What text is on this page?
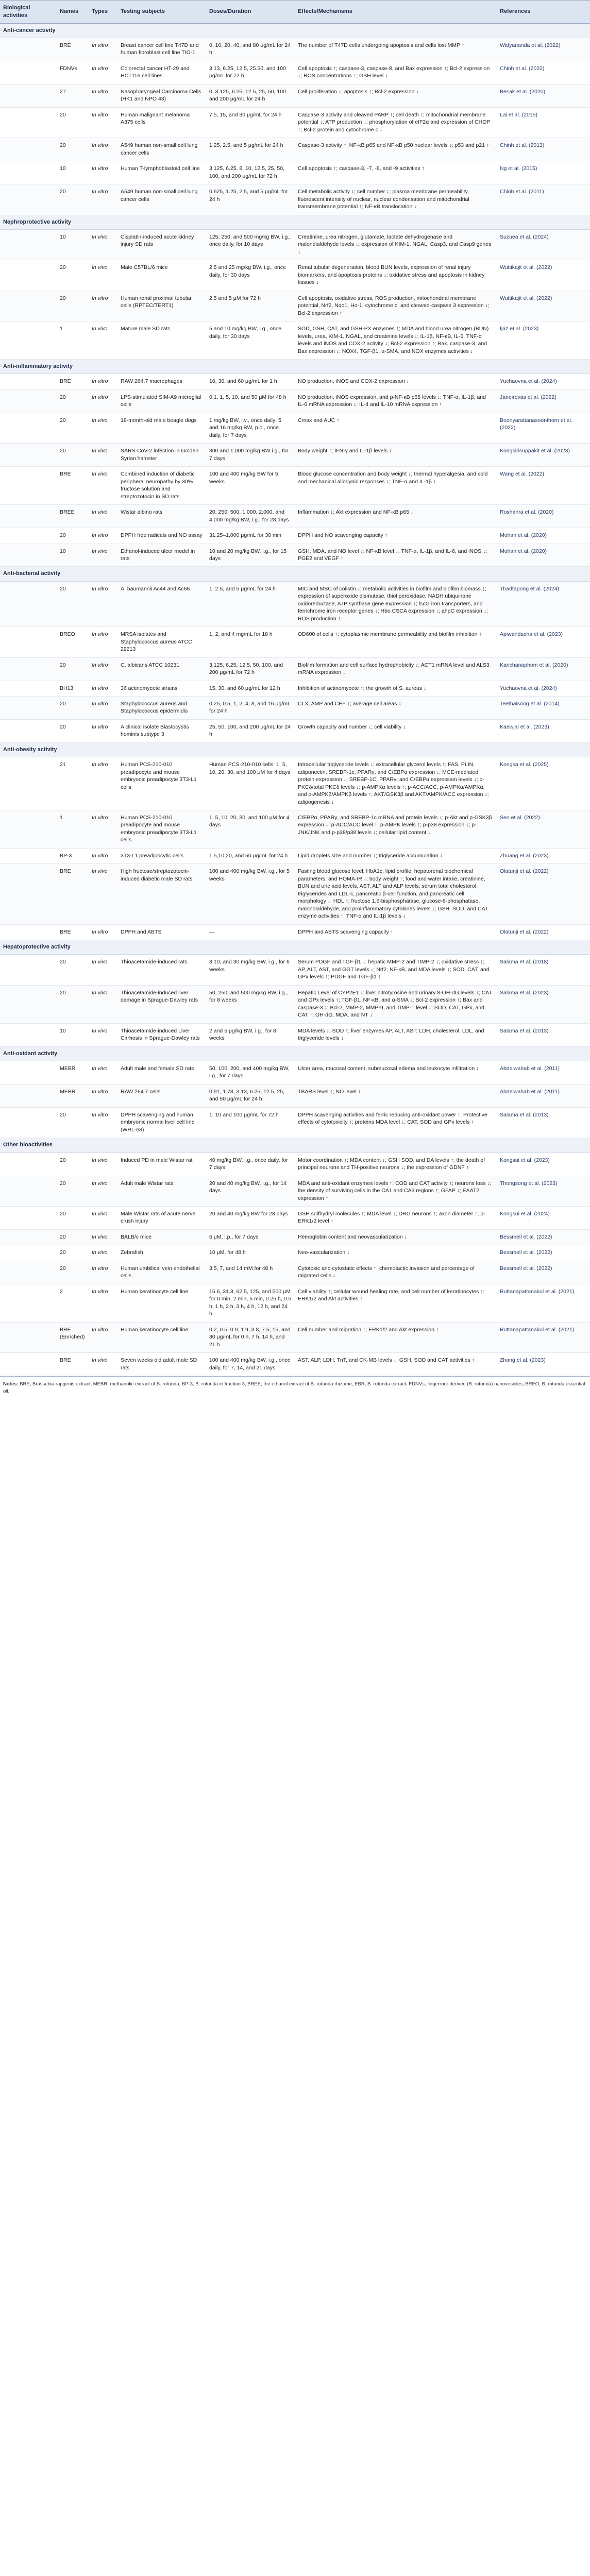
Biological activities	Names	Types	Testing subjects	Doses/Duration	Effects/Mechanisms	References
Anti-cancer activity						
	BRE	In vitro	Breast cancer cell line T47D and human fibroblast cell line TIG-1	0, 10, 20, 40, and 80 μg/mL for 24 h	The number of T47D cells undergoing apoptosis and cells lost MMP ↑	Widyananda et al. (2022)
	FDNVs	In vitro	Colorectal cancer HT-29 and HCT116 cell lines	3.13, 6.25, 12.5, 25.50, and 100 μg/mL for 72 h	Cell apoptosis ↑; caspase-3, caspase-8, and Bax expression ↑; Bcl-2 expression ↓; ROS concentrations ↑; GSH level ↓	Chinh et al. (2022)
	27	In vitro	Nasopharyngeal Carcinoma Cells (HK1 and NPO 43)	0, 3.125, 6.25, 12.5, 25, 50, 100 and 200 μg/mL for 24 h	Cell proliferation ↓; apoptosis ↑; Bcl-2 expression ↓	Besak et al. (2020)
	20	In vitro	Human malignant melanoma A375 cells	7.5, 15, and 30 μg/mL for 24 h	Caspase-3 activity and cleaved PARP ↑; cell death ↑; mitochondrial membrane potential ↓; ATP production ↓; phosphorylation of eIF2α and expression of CHOP ↑; Bcl-2 protein and cytochrome c ↓	Lai et al. (2015)
	20	In vitro	A549 human non-small cell lung cancer cells	1.25, 2.5, and 5 μg/mL for 24 h	Caspase-3 activity ↑; NF-κB p65 and NF-κB p50 nuclear levels ↓; p53 and p21 ↑	Chinh et al. (2013)
	10	In vitro	Human T-lymphoblastoid cell line	3.125, 6.25, 8, 10, 12.5, 25, 50, 100, and 200 μg/mL for 72 h	Cell apoptosis ↑; caspase-3, -7, -8, and -9 activities ↑	Ng et al. (2015)
	20	In vitro	A549 human non-small cell lung cancer cells	0.625, 1.25, 2.5, and 5 μg/mL for 24 h	Cell metabolic activity ↓; cell number ↓; plasma membrane permeability, fluorescent intensity of nuclear, nuclear condensation and mitochondrial transmembrane potential ↑; NF-κB translocation ↓	Chinh et al. (2011)
Nephroprotective activity						
	10	In vivo	Cisplatin-induced acute kidney injury SD rats	125, 250, and 500 mg/kg BW, i.g., once daily, for 10 days	Creatinine, urea nitrogen, glutamate, lactate dehydrogenase and malondialdehyde levels ↓; expression of KIM-1, NGAL, Casp3, and Casp9 genes ↓	Suzuea et al. (2024)
	20	In vivo	Male C57BL/6 mice	2.5 and 25 mg/kg BW, i.g., once daily, for 30 days	Renal tubular degeneration, blood BUN levels, expression of renal injury biomarkers, and apoptosis proteins ↓; oxidative stress and apoptosis in kidney tissues ↓	Wuttikajit et al. (2022)
	20	In vitro	Human renal proximal tubular cells (RPTEC/TERT1)	2.5 and 5 μM for 72 h	Cell apoptosis, oxidative stress, ROS production, mitochondrial membrane potential, Nrf2, Nqo1, Ho-1, cytochrome c, and cleaved-caspase 3 expression ↓; Bcl-2 expression ↑	Wuttikajit et al. (2022)
	1	In vivo	Mature male SD rats	5 and 10 mg/kg BW, i.g., once daily, for 30 days	SOD, GSH, CAT, and GSH-PX enzymes ↑; MDA and blood urea nitrogen (BUN) levels, urea, KIM-1, NGAL, and creatinine levels ↓; IL-1β, NF-κB, IL-6, TNF-α levels and iNOS and COX-2 activity ↓; Bcl-2 expression ↑; Bax, caspase-3, and Bax expression ↓; NOX4, TGF-β1, α-SMA, and NOX enzymes activities ↓	Ijaz et al. (2023)
Anti-inflammatory activity						
	BRE	In vitro	RAW 264.7 macrophages	10, 30, and 60 μg/mL for 1 h	NO production, iNOS and COX-2 expression ↓	Yuchaovna et al. (2024)
	20	In vitro	LPS-stimulated SIM-A9 microglial cells	0.1, 1, 5, 10, and 50 μM for 48 h	NO production, iNOS expression, and p-NF-κB p65 levels ↓; TNF-α, IL-1β, and IL-6 mRNA expression ↓; IL-4 and IL-10 mRNA expression ↑	Janeirovas et al. (2022)
	20	In vivo	18-month-old male beagle dogs	1 mg/kg BW, i.v., once daily; 5 and 16 mg/kg BW, p.o., once daily, for 7 days	Cmax and AUC ↑	Boonyarattanasoonthorn et al. (2022)
	20	In vivo	SARS-CoV-2 infection in Golden Syrian hamster	300 and 1,000 mg/kg BW i.g., for 7 days	Body weight ↑; IFN-γ and IL-1β levels ↓	Kongsirisuppakit et al. (2023)
	BRE	In vivo	Combined induction of diabetic peripheral neuropathy by 30% fructose solution and streptozotocin in SD rats	100 and 400 mg/kg BW for 5 weeks	Blood glucose concentration and body weight ↓; thermal hyperalgesia, and cold and mechanical allodynic responses ↓; TNF-α and IL-1β ↓	Wang et al. (2022)
	BREE	In vivo	Wistar albino rats	20, 250, 500, 1,000, 2,000, and 4,000 mg/kg BW, i.g., for 28 days	Inflammation ↓; Akt expression and NF-κB p65 ↓	Roshanra et al. (2020)
	20	In vitro	DPPH free radicals and NO assay	31.25–1,000 μg/mL for 30 min	DPPH and NO scavenging capacity ↑	Mohan et al. (2020)
	10	In vivo	Ethanol-induced ulcer model in rats	10 and 20 mg/kg BW, i.g., for 15 days	GSH, MDA, and NO level ↓; NF-κB level ↓; TNF-α, IL-1β, and IL-6, and iNOS ↓; PGE2 and VEGF ↑	Mohan et al. (2020)
Anti-bacterial activity						
	20	In vitro	A. baumannii Ac44 and Ac66	1, 2.5, and 5 μg/mL for 24 h	MIC and MBC of colistin ↓; metabolic activities in biofilm and biofilm biomass ↓; expression of superoxide dismutase, thiol peroxidase, NADH ubiquinone oxidoreductase, ATP synthase gene expression ↓; lscG iron transporters, and ferrichrome iron receptor genes ↓; Hbo CSCA expression ↓; ahpC expression ↓; ROS production ↑	Thadtapong et al. (2024)
	BREO	In vitro	MRSA isolates and Staphylococcus aureus ATCC 29213	1, 2, and 4 mg/mL for 18 h	OD600 of cells ↑; cytoplasmic membrane permeability and biofilm inhibition ↑	Apiwandacha et al. (2023)
	20	In vitro	C. albicans ATCC 10231	3.125, 6.25, 12.5, 50, 100, and 200 μg/mL for 72 h	Biofilm formation and cell surface hydrophobicity ↓; ACT1 mRNA level and ALS3 mRNA expression ↓	Kanchanaphom et al. (2020)
	BH13	In vitro	36 actinomycete strains	15, 30, and 60 μg/mL for 12 h	Inhibition of actinomycete ↑; the growth of S. aureus ↓	Yuchaovna et al. (2024)
	20	In vitro	Staphylococcus aureus and Staphylococcus epidermidis	0.25, 0.5, 1, 2, 4, 8, and 16 μg/mL for 24 h	CLX, AMP and CEF ↓; average cell areas ↓	Teethaisong et al. (2014)
	20	In vitro	A clinical isolate Blastocystis hominis subtype 3	25, 50, 100, and 200 μg/mL for 24 h	Growth capacity and number ↓; cell viability ↓	Kaewjai et al. (2023)
Anti-obesity activity						
	21	In vitro	Human PCS-210-010 preadipocyte and mouse embryonic preadipocyte 3T3-L1 cells	Human PCS-210-010 cells: 1, 5, 10, 20, 30, and 100 μM for 4 days	Intracellular triglyceride levels ↓; extracellular glycerol levels ↑; FAS, PLIN, adiponectin, SREBP-1c, PPARγ, and C/EBPα expression ↓; MCE-mediated protein expression ↓; SREBP-1C, PPARγ, and C/EBPα expression levels ↓; p-PKCδ/total PKCδ levels ↓; p-AMPKα levels ↑; p-ACC/ACC, p-AMPKα/AMPKα, and p-AMPKβ/AMPKβ levels ↑; AKT/GSK3β and AKT/AMPK/ACC expression ↓; adipogenesis ↓	Kongsa et al. (2025)
	1	In vitro	Human PCS-210-010 preadipocyte and mouse embryonic preadipocyte 3T3-L1 cells	1, 5, 10, 20, 30, and 100 μM for 4 days	C/EBPα, PPARγ, and SREBP-1c mRNA and protein levels ↓; p-Akt and p-GSK3β expression ↓; p-ACC/ACC level ↑; p-AMPK levels ↑; p-p38 expression ↓; p-JNK/JNK and p-p38/p38 levels ↓; cellular lipid content ↓	Seo et al. (2022)
	BP-3	In vitro	3T3-L1 preadipocytic cells	1.5,10,20, and 50 μg/mL for 24 h	Lipid droplets size and number ↓; triglyceride accumulation ↓	Zhuang et al. (2023)
	BRE	In vivo	High fructose/streptozotocin-induced diabetic male SD rats	100 and 400 mg/kg BW, i.g., for 5 weeks	Fasting blood glucose level, HbA1c, lipid profile, hepatorenal biochemical parameters, and HOMA-IR ↓; body weight ↑; food and water intake, creatinine, BUN and uric acid levels, AST, ALT and ALP levels, serum total cholesterol, triglycerides and LDL-c, pancreatic β-cell function, and pancreatic cell morphology ↓; HDL ↑; fructose 1,6-bisphosphatase, glucose-6-phosphatase, malondialdehyde, and proinflammatory cytokines levels ↓; GSH, SOD, and CAT enzyme activities ↑; TNF-α and IL-1β levels ↓	Olatunji et al. (2022)
	BRE	In vitro	DPPH and ABTS	—	DPPH and ABTS scavenging capacity ↑	Olatunji et al. (2022)
Hepatoprotective activity						
	20	In vivo	Thioacetamide-induced rats	3,10, and 30 mg/kg BW, i.g., for 6 weeks	Serum PDGF and TGF-β1 ↓; hepatic MMP-2 and TIMP-2 ↓; oxidative stress ↓; AP, ALT, AST, and GGT levels ↓; Nrf2, NF-κB, and MDA levels ↓; SOD, CAT, and GPx levels ↑; PDGF and TGF-β1 ↓	Salama et al. (2018)
	20	In vivo	Thioacetamide-induced liver damage in Sprague-Dawley rats	50, 250, and 500 mg/kg BW, i.g., for 8 weeks	Hepatic Level of CYP2E1 ↓; liver nitrotyrosine and urinary 8-OH-dG levels ↓; CAT and GPx levels ↑; TGF-β1, NF-κB, and α-SMA ↓; Bcl-2 expression ↑; Bax and caspase-3 ↓; Bcl-2, MMP-2, MMP-9, and TIMP-1 level ↓; SOD, CAT, GPx, and CAT ↑; OH-dG, MDA, and NT ↓	Salama et al. (2023)
	10	In vivo	Thioacetamide-induced Liver Cirrhosis in Sprague-Dawley rats	2 and 5 μg/kg BW, i.g., for 8 weeks	MDA levels ↓; SOD ↑; liver enzymes AP, ALT, AST; LDH, cholesterol, LDL, and triglyceride levels ↓	Salama et al. (2013)
Anti-oxidant activity						
	MEBR	In vivo	Adult male and female SD rats	50, 100, 200, and 400 mg/kg BW, i.g., for 7 days	Ulcer area, mucosal content, submucosal edema and leukocyte infiltration ↓	Abdelwahab et al. (2011)
	MEBR	In vitro	RAW 264.7 cells	0.91, 1.78, 3.13, 6.25, 12.5, 25, and 50 μg/mL for 24 h	TBARS level ↑; NO level ↓	Abdelwahab et al. (2011)
	20	In vitro	DPPH scavenging and human embryonic normal liver cell line (WRL-68)	1, 10 and 100 μg/mL for 72 h	DPPH scavenging activities and ferric reducing anti-oxidant power ↑; Protective effects of cytotoxicity ↑; proteins MDA level ↓; CAT, SOD and GPx levels ↑	Salama et al. (2013)
Other bioactivities						
	20	In vivo	Induced PD in male Wistar rat	40 mg/kg BW, i.g., once daily, for 7 days	Motor coordination ↑; MDA content ↓; GSH SOD, and DA levels ↑; the death of principal neurons and TH-positive neurons ↓; the expression of GDNF ↑	Kongsui et al. (2023)
	20	In vivo	Adult male Wistar rats	20 and 40 mg/kg BW, i.g., for 14 days	MDA and anti-oxidant enzymes levels ↑; COD and CAT activity ↑; neurons loss ↓; the density of surviving cells in the CA1 and CA3 regions ↑; GFAP ↓; EAAT2 expression ↑	Thongsong et al. (2023)
	20	In vivo	Male Wistar rats of acute nerve crush injury	20 and 40 mg/kg BW for 28 days	GSH sulfhydryl molecules ↑; MDA level ↓; DRG neurons ↑; axon diameter ↑; p-ERK1/2 level ↑	Kongsui et al. (2024)
	20	In vivo	BALB/c mice	5 μM, i.p., for 7 days	Hemoglobin content and neovascularization ↓	Bessmell et al. (2022)
	20	In vivo	Zebrafish	10 μM, for 48 h	Neo-vascularization ↓	Bessmell et al. (2022)
	20	In vitro	Human umbilical vein endothelial cells	3.5, 7, and 14 mM for 48 h	Cytotoxic and cytostatic effects ↑; chemotactic invasion and percentage of migrated cells ↓	Bessmell et al. (2022)
	2	In vitro	Human keratinocyte cell line	15.6, 31.3, 62.5, 125, and 500 μM for 0 min, 2 min, 5 min, 0.25 h, 0.5 h, 1 h, 2 h, 3 h, 4 h, 12 h, and 24 h	Cell viability ↑; cellular wound healing rate, and cell number of keratinocytes ↑; ERK1/2 and Akt activities ↑	Ruttanapattanakul et al. (2021)
	BRE (Enriched)	In vitro	Human keratinocyte cell line	0.2, 0.5, 0.9, 1.9, 3.8, 7.5, 15, and 30 μg/mL for 0 h, 7 h, 14 h, and 21 h	Cell number and migration ↑; ERK1/2 and Akt expression ↑	Ruttanapattanakul et al. (2021)
	BRE	In vivo	Seven weeks old adult male SD rats	100 and 400 mg/kg BW, i.g., once daily, for 7, 14, and 21 days	AST, ALP, LDH, TnT, and CK-MB levels ↓; GSH, SOD and CAT activities ↑	Zhang et al. (2023)
Notes: BRE, Brassebia rapgenis extract; MEBR, methanolic extract of B. rotunda; BP-3, B. rotunda in fraction 3; BREE, the ethanol extract of B. rotunda rhizome; EBR, B. rotunda extract; FDNVs, fingerroot-derived (B. rotunda) nanovesicles; BREO, B. rotunda essential oil.
